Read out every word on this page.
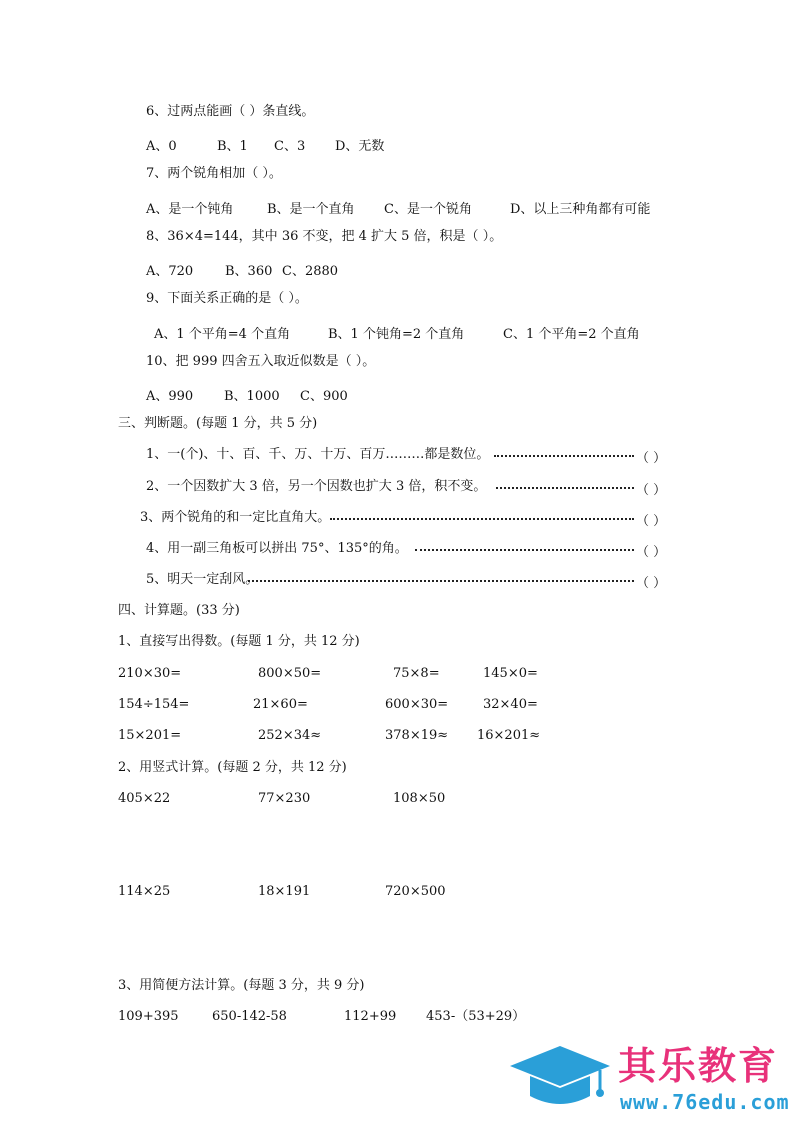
6、过两点能画（ ）条直线。
A、0	B、1 C、3 D、无数
7、两个锐角相加（ ）。
A、是一个钝角	B、是一个直角 C、是一个锐角	D、以上三种角都有可能
8、36×4=144，其中 36 不变，把 4 扩大 5 倍，积是（ ）。
A、720 B、360 C、2880
9、下面关系正确的是（ ）。
A、1 个平角=4 个直角	B、1 个钝角=2 个直角	C、1 个平角=2 个直角
10、把 999 四舍五入取近似数是（ ）。
A、990 B、1000 C、900
三、判断题。(每题 1 分，共 5 分)
1、一(个)、十、百、千、万、十万、百万………都是数位。	（ ）
2、一个因数扩大 3 倍，另一个因数也扩大 3 倍，积不变。	（ ）
3、两个锐角的和一定比直角大。	（ ）
4、用一副三角板可以拼出 75°、135°的角。	（ ）
5、明天一定刮风。	（ ）
四、计算题。(33 分)
1、直接写出得数。(每题 1 分，共 12 分)
210×30=	800×50=	75×8=	145×0=
154÷154=	21×60=	600×30=	32×40=
15×201=	252×34≈	378×19≈ 16×201≈
2、用竖式计算。(每题 2 分，共 12 分)
405×22	77×230	108×50
114×25	18×191	720×500
3、用简便方法计算。(每题 3 分，共 9 分)
109+395	650-142-58	112+99 453-（53+29）
其乐教育
www.76edu.com
